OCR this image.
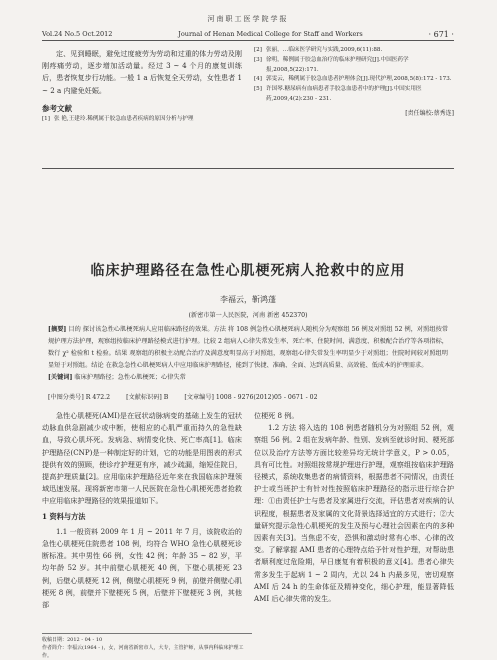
河南职工医学院学报
Vol.24 No.5 Oct.2012	Journal of Henan Medical College for Staff and Workers	· 671 ·

定、见到睡眠，避免过度疲劳为劳动和过重的体力劳动及刚刚疼痛劳动，逐步增加活动量。经过 3 ~ 4 个月的康复训练后，患者恢复步行功能。一般 1 a 后恢复全天劳动，女性患者 1 ~ 2 a 内避免妊娠。

参考文献
[1] 张 艳,王建玲.稀例属于胶急血患者疾病的原因分析与护理
[2] 张丽，…临床医学研究与实践,2009,6(11):88.
[3] 徐明，稀例属于胶急血治疗的临床护理研究[J].中国医药学报,2008,5(22):171.
[4] 郭雯云，稀例属于胶急血患者护理体会[J].现代护理,2008,5(8):172 - 173.
[5] 许国琴.糖尿病有血病患者手胶急血患者中的护理[J].中国实用医药,2009,4(2):230 - 231.
[责任编校:蔡秀连]
临床护理路径在急性心肌梗死病人抢救中的应用
李福云，靳鸿蓬
(新密市第一人民医院，河南 新密 452370)
[摘要] 目的 探讨该急性心肌梗死病人应用临床路径的效果。方法 将 108 例急性心肌梗死病人随机分为观察组 56 例及对照组 52 例，对照组按常规护理方法护理，观察组按临床护理路径模式进行护理。比较 2 组病人心律失常发生率、死亡率、住院时间、满意度、积极配合治疗等各项指标，数行 χ² 检验和 t 检验。结果 观察组的积极主动配合治疗及满意度明显高于对照组，观察组心律失常发生率明显少于对照组；住院时间较对照组明显短于对照组。结论 在救急急性心肌梗死病人中应用临床护理路径，能到了快捷、准确、全面、达到高质量、高效能、低成本的护理需求。
[关键词] 临床护理路径；急性心肌梗死；心律失常
[中图分类号] R 472.2	[文献标识码] B	[文章编号] 1008 - 9276(2012)05 - 0671 - 02

急性心肌梗死(AMI)是在冠状动脉病变的基础上发生的冠状动脉血供急剧减少或中断，使相应的心肌严重而持久的急性缺血，导致心肌坏死。发病急、病情变化快、死亡率高[1]。临床护理路径(CNP)是一种制定好的计划，它的功能是用图表的形式提供有效的照顾，使诊疗护理更有序，减少疏漏，缩短住院日，提高护理质量[2]。应用临床护理路径近年来在我国临床护理领域迅速发展。现将新密市第一人民医院在急性心肌梗死患者抢救中应用临床护理路径的效果报道如下。

1 资料与方法

1.1 一般资料 2009 年 1 月 ~ 2011 年 7 月，该院收治的急性心肌梗死住院患者 108 例，均符合 WHO 急性心肌梗死诊断标准。其中男性 66 例，女性 42 例；年龄 35 ~ 82 岁，平均年龄 52 岁。其中前壁心肌梗死 40 例，下壁心肌梗死 23 例，后壁心肌梗死 12 例，侧壁心肌梗死 9 例，前壁并侧壁心肌梗死 8 例，前壁并下壁梗死 5 例，后壁并下壁梗死 3 例，其他部

位梗死 8 例。

1.2 方法 将入选的 108 例患者随机分为对照组 52 例，观察组 56 例。2 组在发病年龄、性别、发病至就诊时间、梗死部位以及治疗方法等方面比较差异均无统计学意义，P > 0.05，具有可比性。对照组按常规护理进行护理，观察组按临床护理路径模式，系统收集患者的病情资料，根据患者不同情况，由责任护士或当班护士有针对性按照临床护理路径的指示进行综合护理：①由责任护士与患者及家属进行交流，评估患者对疾病的认识程度，根据患者及家属的文化背景选择适宜的方式进行；②大量研究提示急性心肌梗死的发生及预与心理社会因素在内的多种因素有关[3]。当焦虑不安，恐惧和激动时常有心率、心律的改变。了解掌握 AMI 患者的心理特点给予针对性护理，对帮助患者顺利度过危险期，早日康复有着积极的意义[4]。患者心律失常多发生于起病 1 ~ 2 周内，尤以 24 h 内最多见，密切观察 AMI 后 24 h 的生命体征及精神变化，细心护理，能显著降低 AMI 后心律失常的发生。

收稿日期：2012 - 04 - 10
作者简介：李福云(1964 - )，女，河南省新密市人，大专，主管护师，从事内科临床护理工作。
